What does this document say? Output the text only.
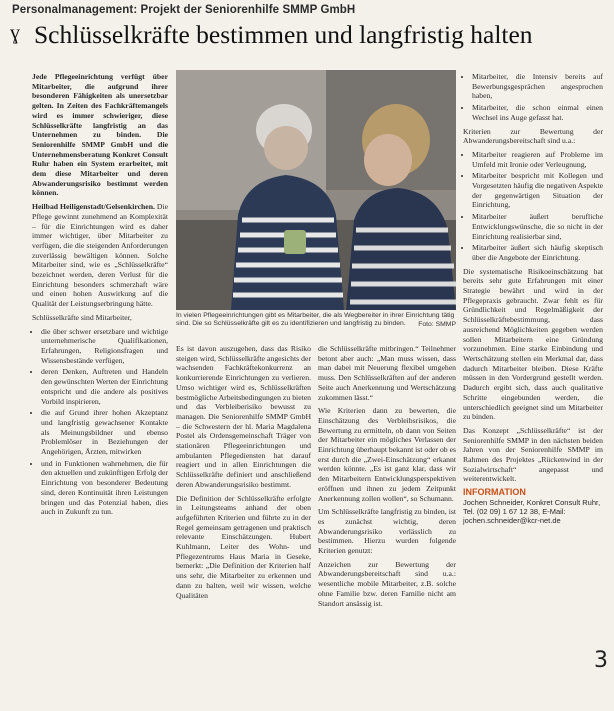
Personalmanagement: Projekt der Seniorenhilfe SMMP GmbH
ɣ Schlüsselkräfte bestimmen und langfristig halten

Jede Pflegeeinrichtung verfügt über Mitarbeiter, die aufgrund ihrer besonderen Fähigkeiten als unersetzbar gelten. In Zeiten des Fachkräftemangels wird es immer schwieriger, diese Schlüsselkräfte langfristig an das Unternehmen zu binden. Die Seniorenhilfe SMMP GmbH und die Unternehmensberatung Konkret Consult Ruhr haben ein System erarbeitet, mit dem diese Mitarbeiter und deren Abwanderungsrisiko bestimmt werden können.

Heilbad Heiligenstadt/Gelsenkirchen. Die Pflege gewinnt zunehmend an Komplexität – für die Einrichtungen wird es daher immer wichtiger, über Mitarbeiter zu verfügen, die die steigenden Anforderungen zuverlässig bewältigen können. Solche Mitarbeiter sind, wie es „Schlüsselkräfte“ bezeichnet werden, deren Verlust für die Einrichtung besonders schmerzhaft wäre und einen hohen Auswirkung auf die Qualität der Leistungserbringung hätte.

Schlüsselkräfte sind Mitarbeiter,

• die über schwer ersetzbare und wichtige unternehmerische Qualifikationen, Erfahrungen, Religionsfragen und Wissensbestände verfügen,
• deren Denken, Auftreten und Handeln den gewünschten Werten der Einrichtung entspricht und die andere als positives Vorbild inspirieren,
• die auf Grund ihrer hohen Akzeptanz und langfristig gewachsener Kontakte als Meinungsbildner und ebenso Problemlöser in Beziehungen der Angehörigen, Ärzten, mitwirken
• und in Funktionen wahrnehmen, die für den aktuellen und zukünftigen Erfolg der Einrichtung von besonderer Bedeutung sind, deren Kontinuität ihren Leistungen bringen und das Potenzial haben, dies auch in Zukunft zu tun.
In vielen Pflegeeinrichtungen gibt es Mitarbeiter, die als Wegbereiter in ihrer Einrichtung tätig sind. Die so Schlüsselkräfte gilt es zu identifizieren und langfristig zu binden. Foto: SMMP

Es ist davon auszugehen, dass das Risiko steigen wird, Schlüsselkräfte angesichts der wachsenden Fachkräftekonkurrenz an konkurrierende Einrichtungen zu verlieren. Umso wichtiger wird es, Schlüsselkräften bestmögliche Arbeitsbedingungen zu bieten und das Verbleiberisiko bewusst zu managen. Die Seniorenhilfe SMMP GmbH – die Schwestern der hl. Maria Magdalena Postel als Ordensgemeinschaft Träger von stationären Pflegeeinrichtungen und ambulanten Pflegediensten hat darauf reagiert und in allen Einrichtungen die Schlüsselkräfte definiert und anschließend deren Abwanderungsrisiko bestimmt.

Die Definition der Schlüsselkräfte erfolgte in Leitungsteams anhand der oben aufgeführten Kriterien und führte zu in der Regel gemeinsam getragenen und praktisch relevante Einschätzungen. Hubert Kuhlmann, Leiter des Wohn- und Pflegezentrums Haus Maria in Geseke, bemerkt: „Die Definition der Kriterien half uns sehr, die Mitarbeiter zu erkennen und dann zu halten, weil wir wissen, welche Qualitäten

die Schlüsselkräfte mitbringen.“ Teilnehmer betont aber auch: „Man muss wissen, dass man dabei mit Neuerung flexibel umgehen muss. Den Schlüsselkräften auf der anderen Seite auch Anerkennung und Wertschätzung zukommen lässt.“

Wie Kriterien dann zu bewerten, die Einschätzung des Verbleibsrisikos, die Bewertung zu ermitteln, ob dann von Seiten der Mitarbeiter ein mögliches Verlassen der Einrichtung überhaupt bekannt ist oder ob es erst durch die „Zwei-Einschätzung“ erkannt werden könnte. „Es ist ganz klar, dass wir den Mitarbeitern Entwicklungsperspektiven eröffnen und ihnen zu jedem Zeitpunkt Anerkennung zollen wollen“, so Schumann.

Um Schlüsselkräfte langfristig zu binden, ist es zunächst wichtig, deren Abwanderungsrisiko verlässlich zu bestimmen. Hierzu wurden folgende Kriterien genutzt:

Anzeichen zur Bewertung der Abwanderungsbereitschaft sind u.a.: wesentliche mobile Mitarbeiter, z.B. solche ohne Familie bzw. deren Familie nicht am Standort ansässig ist.

• Mitarbeiter, die Intensiv bereits auf Bewerbungsgesprächen angesprochen haben,
• Mitarbeiter, die schon einmal einen Wechsel ins Auge gefasst hat.

Kriterien zur Bewertung der Abwanderungsbereitschaft sind u.a.:

• Mitarbeiter reagieren auf Probleme im Umfeld mit Ironie oder Verleugnung,
• Mitarbeiter bespricht mit Kollegen und Vorgesetzten häufig die negativen Aspekte der gegenwärtigen Situation der Einrichtung,
• Mitarbeiter äußert berufliche Entwicklungswünsche, die so nicht in der Einrichtung realisierbar sind,
• Mitarbeiter äußert sich häufig skeptisch über die Angebote der Einrichtung.

Die systematische Risikoeinschätzung hat bereits sehr gute Erfahrungen mit einer Strategie bewährt und wird in der Pflegepraxis gebraucht. Zwar fehlt es für Gründlichkeit und Regelmäßigkeit der Schlüsselkräftebestimmung, dass ausreichend Möglichkeiten gegeben werden sollen Mitarbeitern eine Gründung vorzunehmen. Eine starke Einbindung und Wertschätzung stellen ein Merkmal dar, dass dadurch Mitarbeiter bleiben. Diese Kräfte müssen in den Vordergrund gestellt werden. Dadurch ergibt sich, dass auch qualitative Schritte eingebunden werden, die unterschiedlich geeignet sind um Mitarbeiter zu binden.

Das Konzept „Schlüsselkräfte“ ist der Seniorenhilfe SMMP in den nächsten beiden Jahren von der Seniorenhilfe SMMP im Rahmen des Projektes „Rückenwind in der Sozialwirtschaft“ angepasst und weiterentwickelt.

INFORMATION
Jochen Schneider, Konkret Consult Ruhr, Tel. (02 09) 1 67 12 38, E-Mail: jochen.schneider@kcr-net.de
3
